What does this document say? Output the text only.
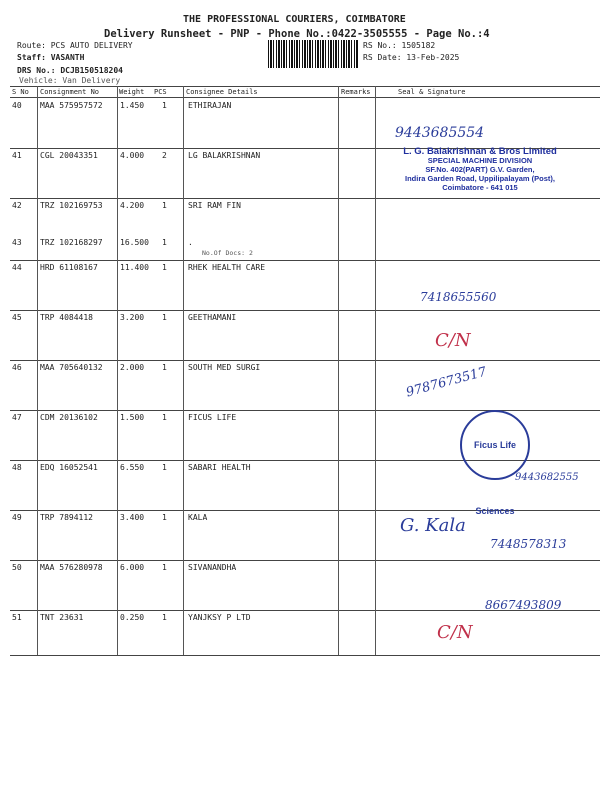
THE PROFESSIONAL COURIERS, COIMBATORE
Delivery Runsheet - PNP - Phone No.:0422-3505555 - Page No.:4
Route: PCS AUTO DELIVERY
Staff: VASANTH
DRS No.: DCJB150518204
Vehicle: Van Delivery
RS No.: 1505182
RS Date: 13-Feb-2025
S No Consignment No	Weight PCS	Consignee Details	Remarks	Seal & Signature
40 MAA 575957572 1.450 1	ETHIRAJAN
41 CGL 20043351	4.000 2	LG BALAKRISHNAN
42 TRZ 102169753 4.200 1	SRI RAM FIN
43 TRZ 102168297 16.500 1	.
No.Of Docs: 2
44 HRD 61108167	11.400 1	RHEK HEALTH CARE
45 TRP 4084418	3.200 1	GEETHAMANI
46 MAA 705640132 2.000 1	SOUTH MED SURGI
47 CDM 20136102	1.500 1	FICUS LIFE
48 EDQ 16052541	6.550 1	SABARI HEALTH
49 TRP 7894112	3.400 1	KALA
50 MAA 576280978 6.000 1	SIVANANDHA
51 TNT 23631	0.250 1	YANJKSY P LTD
L. G. Balakrishnan & Bros Limited
SPECIAL MACHINE DIVISION
SF.No. 402(PART) G.V. Garden,
Indira Garden Road, Uppilipalayam (Post),
Coimbatore - 641 015
Ficus Life Sciences
9443685554
7418655560
C/N
9787673517
9443682555
G. Kala
7448578313
8667493809
C/N
